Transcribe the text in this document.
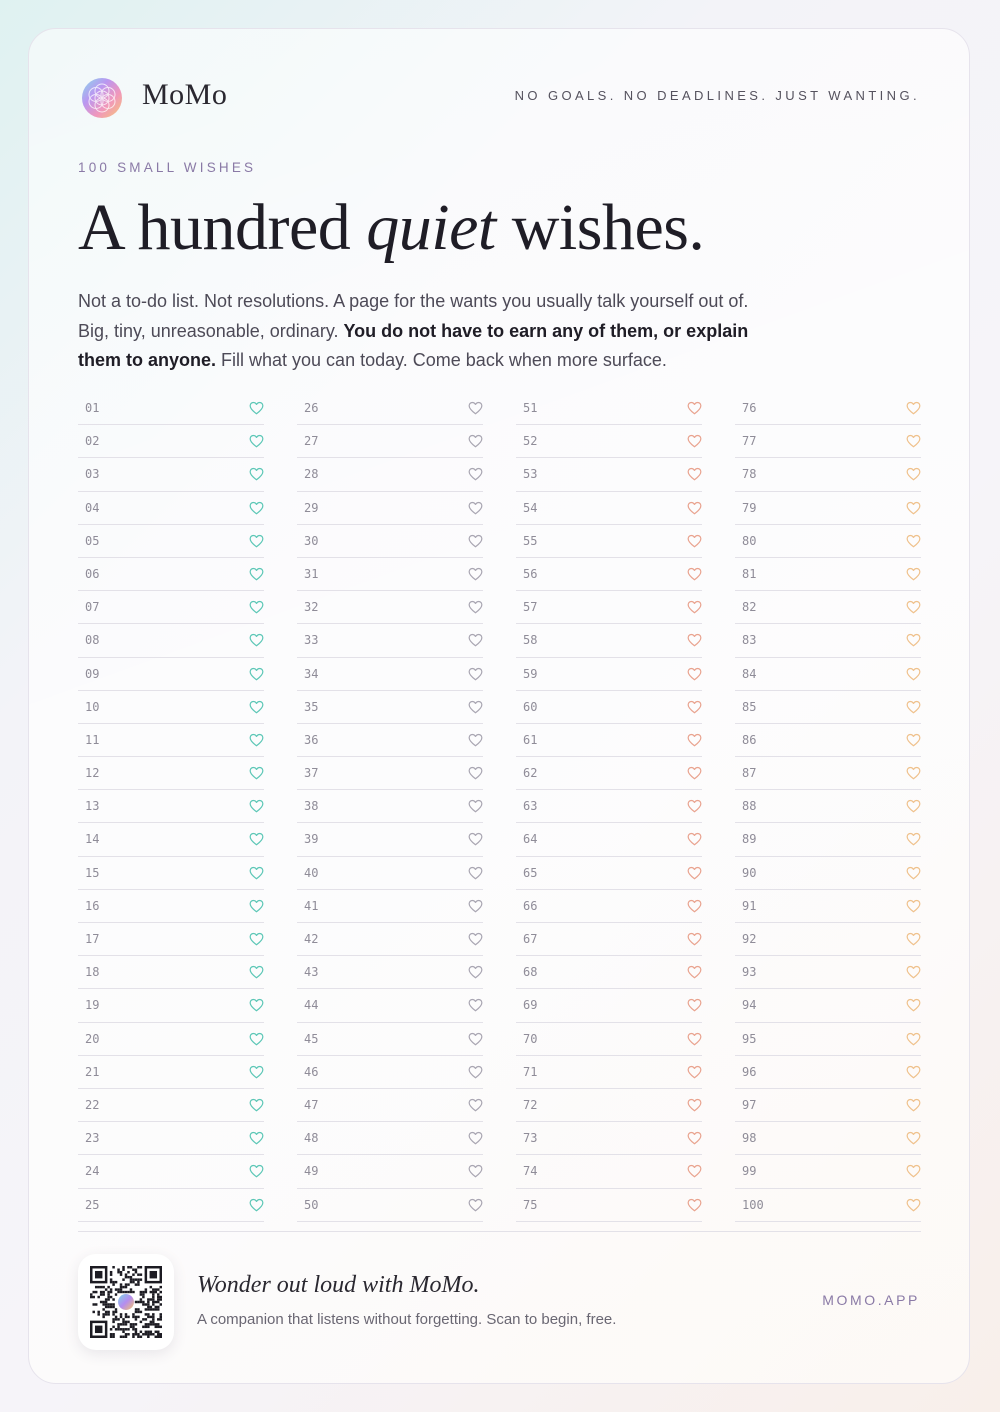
MoMo	NO GOALS. NO DEADLINES. JUST WANTING.
100 SMALL WISHES
A hundred quiet wishes.

Not a to-do list. Not resolutions. A page for the wants you usually talk yourself out of. Big, tiny, unreasonable, ordinary. You do not have to earn any of them, or explain them to anyone. Fill what you can today. Come back when more surface.

01
02
03
04
05
06
07
08
09
10
11
12
13
14
15
16
17
18
19
20
21
22
23
24
25
26
27
28
29
30
31
32
33
34
35
36
37
38
39
40
41
42
43
44
45
46
47
48
49
50
51
52
53
54
55
56
57
58
59
60
61
62
63
64
65
66
67
68
69
70
71
72
73
74
75
76
77
78
79
80
81
82
83
84
85
86
87
88
89
90
91
92
93
94
95
96
97
98
99
100
Wonder out loud with MoMo.
A companion that listens without forgetting. Scan to begin, free.
MOMO.APP
